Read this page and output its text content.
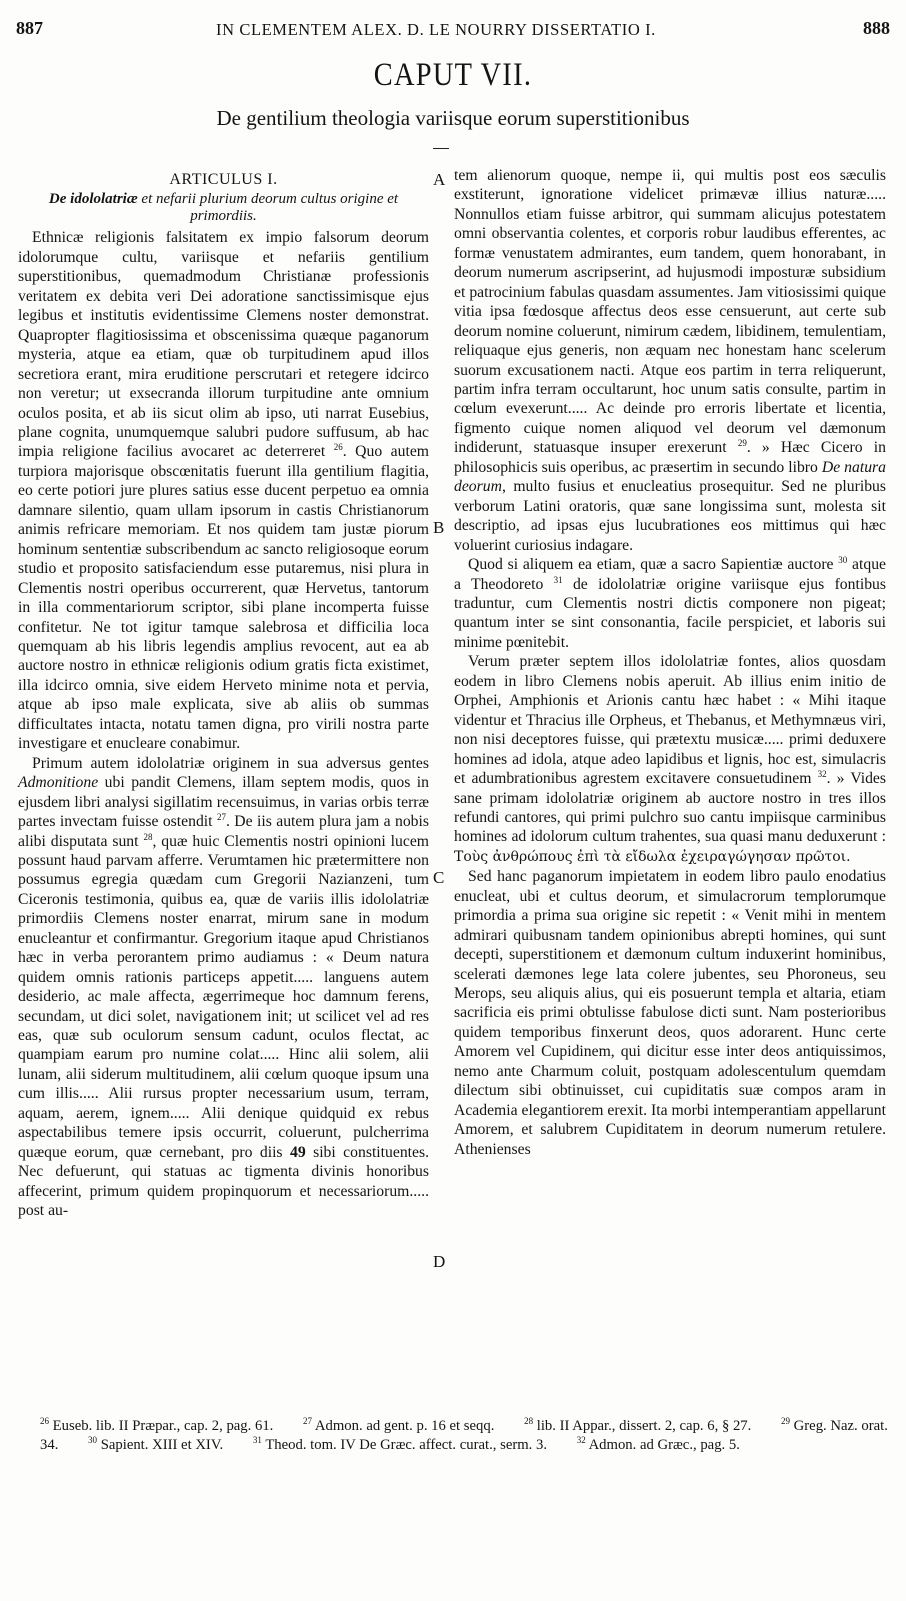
887	IN CLEMENTEM ALEX. D. LE NOURRY DISSERTATIO I.	888
CAPUT VII.
De gentilium theologia variisque eorum superstitionibus
A
B
C
D
ARTICULUS I.
De idololatriæ et nefarii plurium deorum cultus origine et primordiis.

Ethnicæ religionis falsitatem ex impio falsorum deorum idolorumque cultu, variisque et nefariis gentilium superstitionibus, quemadmodum Christianæ professionis veritatem ex debita veri Dei adoratione sanctissimisque ejus legibus et institutis evidentissime Clemens noster demonstrat. Quapropter flagitiosissima et obscenissima quæque paganorum mysteria, atque ea etiam, quæ ob turpitudinem apud illos secretiora erant, mira eruditione perscrutari et retegere idcirco non veretur; ut exsecranda illorum turpitudine ante omnium oculos posita, et ab iis sicut olim ab ipso, uti narrat Eusebius, plane cognita, unumquemque salubri pudore suffusum, ab hac impia religione facilius avocaret ac deterreret $^{26}$. Quo autem turpiora majorisque obscœnitatis fuerunt illa gentilium flagitia, eo certe potiori jure plures satius esse ducent perpetuo ea omnia damnare silentio, quam ullam ipsorum in castis Christianorum animis refricare memoriam. Et nos quidem tam justæ piorum hominum sententiæ subscribendum ac sancto religiosoque eorum studio et proposito satisfaciendum esse putaremus, nisi plura in Clementis nostri operibus occurrerent, quæ Hervetus, tantorum in illa commentariorum scriptor, sibi plane incomperta fuisse confitetur. Ne tot igitur tamque salebrosa et difficilia loca quemquam ab his libris legendis amplius revocent, aut ea ab auctore nostro in ethnicæ religionis odium gratis ficta existimet, illa idcirco omnia, sive eidem Herveto minime nota et pervia, atque ab ipso male explicata, sive ab aliis ob summas difficultates intacta, notatu tamen digna, pro virili nostra parte investigare et enucleare conabimur.

Primum autem idololatriæ originem in sua adversus gentes Admonitione ubi pandit Clemens, illam septem modis, quos in ejusdem libri analysi sigillatim recensuimus, in varias orbis terræ partes invectam fuisse ostendit $^{27}$. De iis autem plura jam a nobis alibi disputata sunt $^{28}$, quæ huic Clementis nostri opinioni lucem possunt haud parvam afferre. Verumtamen hic prætermittere non possumus egregia quædam cum Gregorii Nazianzeni, tum Ciceronis testimonia, quibus ea, quæ de variis illis idololatriæ primordiis Clemens noster enarrat, mirum sane in modum enucleantur et confirmantur. Gregorium itaque apud Christianos hæc in verba perorantem primo audiamus : « Deum natura quidem omnis rationis particeps appetit..... languens autem desiderio, ac male affecta, ægerrimeque hoc damnum ferens, secundam, ut dici solet, navigationem init; ut scilicet vel ad res eas, quæ sub oculorum sensum cadunt, oculos flectat, ac quampiam earum pro numine colat..... Hinc alii solem, alii lunam, alii siderum multitudinem, alii cœlum quoque ipsum una cum illis..... Alii rursus propter necessarium usum, terram, aquam, aerem, ignem..... Alii denique quidquid ex rebus aspectabilibus temere ipsis occurrit, coluerunt, pulcherrima quæque eorum, quæ cernebant, pro diis 49 sibi constituentes. Nec defuerunt, qui statuas ac tigmenta divinis honoribus affecerint, primum quidem propinquorum et necessariorum..... post au-

tem alienorum quoque, nempe ii, qui multis post eos sæculis exstiterunt, ignoratione videlicet primævæ illius naturæ..... Nonnullos etiam fuisse arbitror, qui summam alicujus potestatem omni observantia colentes, et corporis robur laudibus efferentes, ac formæ venustatem admirantes, eum tandem, quem honorabant, in deorum numerum ascripserint, ad hujusmodi imposturæ subsidium et patrocinium fabulas quasdam assumentes. Jam vitiosissimi quique vitia ipsa fœdosque affectus deos esse censuerunt, aut certe sub deorum nomine coluerunt, nimirum cædem, libidinem, temulentiam, reliquaque ejus generis, non æquam nec honestam hanc scelerum suorum excusationem nacti. Atque eos partim in terra reliquerunt, partim infra terram occultarunt, hoc unum satis consulte, partim in cœlum evexerunt..... Ac deinde pro erroris libertate et licentia, figmento cuique nomen aliquod vel deorum vel dæmonum indiderunt, statuasque insuper erexerunt $^{29}$. » Hæc Cicero in philosophicis suis operibus, ac præsertim in secundo libro De natura deorum, multo fusius et enucleatius prosequitur. Sed ne pluribus verborum Latini oratoris, quæ sane longissima sunt, molesta sit descriptio, ad ipsas ejus lucubrationes eos mittimus qui hæc voluerint curiosius indagare.

Quod si aliquem ea etiam, quæ a sacro Sapientiæ auctore $^{30}$ atque a Theodoreto $^{31}$ de idololatriæ origine variisque ejus fontibus traduntur, cum Clementis nostri dictis componere non pigeat; quantum inter se sint consonantia, facile perspiciet, et laboris sui minime pœnitebit.

Verum præter septem illos idololatriæ fontes, alios quosdam eodem in libro Clemens nobis aperuit. Ab illius enim initio de Orphei, Amphionis et Arionis cantu hæc habet : « Mihi itaque videntur et Thracius ille Orpheus, et Thebanus, et Methymnæus viri, non nisi deceptores fuisse, qui prætextu musicæ..... primi deduxere homines ad idola, atque adeo lapidibus et lignis, hoc est, simulacris et adumbrationibus agrestem excitavere consuetudinem $^{32}$. » Vides sane primam idololatriæ originem ab auctore nostro in tres illos refundi cantores, qui primi pulchro suo cantu impiisque carminibus homines ad idolorum cultum trahentes, sua quasi manu deduxerunt : Τοὺς ἀνθρώπους ἐπὶ τὰ εἴδωλα ἐχειραγώγησαν πρῶτοι.

Sed hanc paganorum impietatem in eodem libro paulo enodatius enucleat, ubi et cultus deorum, et simulacrorum templorumque primordia a prima sua origine sic repetit : « Venit mihi in mentem admirari quibusnam tandem opinionibus abrepti homines, qui sunt decepti, superstitionem et dæmonum cultum induxerint hominibus, scelerati dæmones lege lata colere jubentes, seu Phoroneus, seu Merops, seu aliquis alius, qui eis posuerunt templa et altaria, etiam sacrificia eis primi obtulisse fabulose dicti sunt. Nam posterioribus quidem temporibus finxerunt deos, quos adorarent. Hunc certe Amorem vel Cupidinem, qui dicitur esse inter deos antiquissimos, nemo ante Charmum coluit, postquam adolescentulum quemdam dilectum sibi obtinuisset, cui cupiditatis suæ compos aram in Academia elegantiorem erexit. Ita morbi intemperantiam appellarunt Amorem, et salubrem Cupiditatem in deorum numerum retulere. Athenienses

$^{26}$ Euseb. lib. II Præpar., cap. 2, pag. 61.	$^{27}$ Admon. ad gent. p. 16 et seqq.	$^{28}$ lib. II Appar., dissert. 2, cap. 6, § 27.	$^{29}$ Greg. Naz. orat. 34.	$^{30}$ Sapient. XIII et XIV.	$^{31}$ Theod. tom. IV De Græc. affect. curat., serm. 3.	$^{32}$ Admon. ad Græc., pag. 5.
